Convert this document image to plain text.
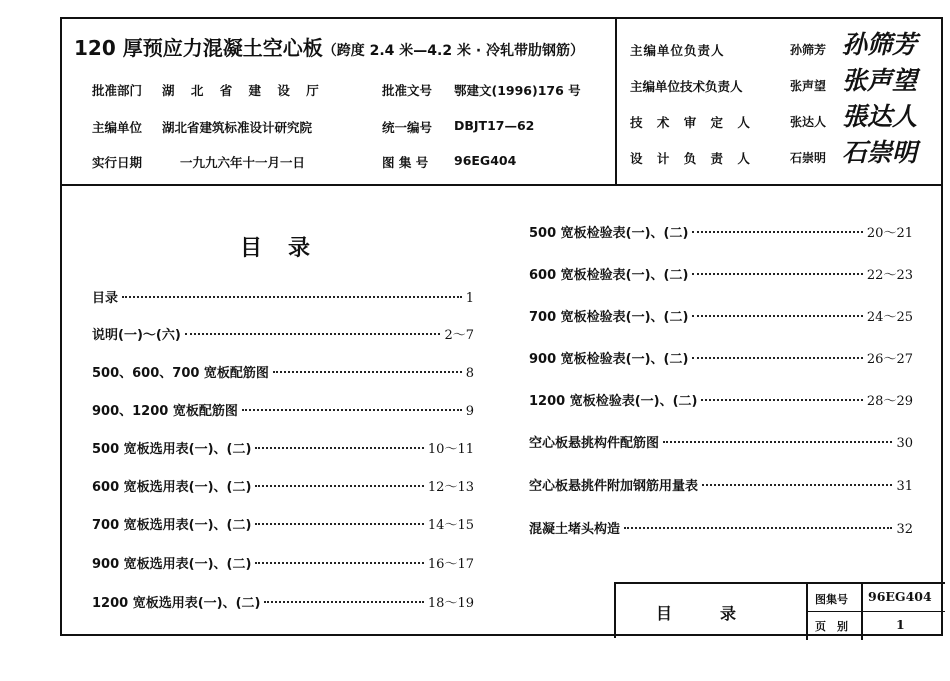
120 厚预应力混凝土空心板（跨度 2.4 米—4.2 米 · 冷轧带肋钢筋）
批准部门 湖 北 省 建 设 厅	批准文号 鄂建文(1996)176 号
主编单位 湖北省建筑标准设计研究院	统一编号 DBJT17—62
实行日期	一九九六年十一月一日	图 集 号 96EG404
主编单位负责人	孙筛芳 孙筛芳
主编单位技术负责人	张声望 张声望
技 术 审 定 人	张达人 張达人
设 计 负 责 人	石崇明 石崇明
目　录
目录	1
说明(一)～(六)	2～7
500、600、700 宽板配筋图	8
900、1200 宽板配筋图	9
500 宽板选用表(一)、(二)	10～11
600 宽板选用表(一)、(二)	12～13
700 宽板选用表(一)、(二)	14～15
900 宽板选用表(一)、(二)	16～17
1200 宽板选用表(一)、(二)	18～19
500 宽板检验表(一)、(二)	20～21
600 宽板检验表(一)、(二)	22～23
700 宽板检验表(一)、(二)	24～25
900 宽板检验表(一)、(二)	26～27
1200 宽板检验表(一)、(二)	28～29
空心板悬挑构件配筋图	30
空心板悬挑件附加钢筋用量表	31
混凝土堵头构造	32
目　　　录
图集号 96EG404
页　别	1
